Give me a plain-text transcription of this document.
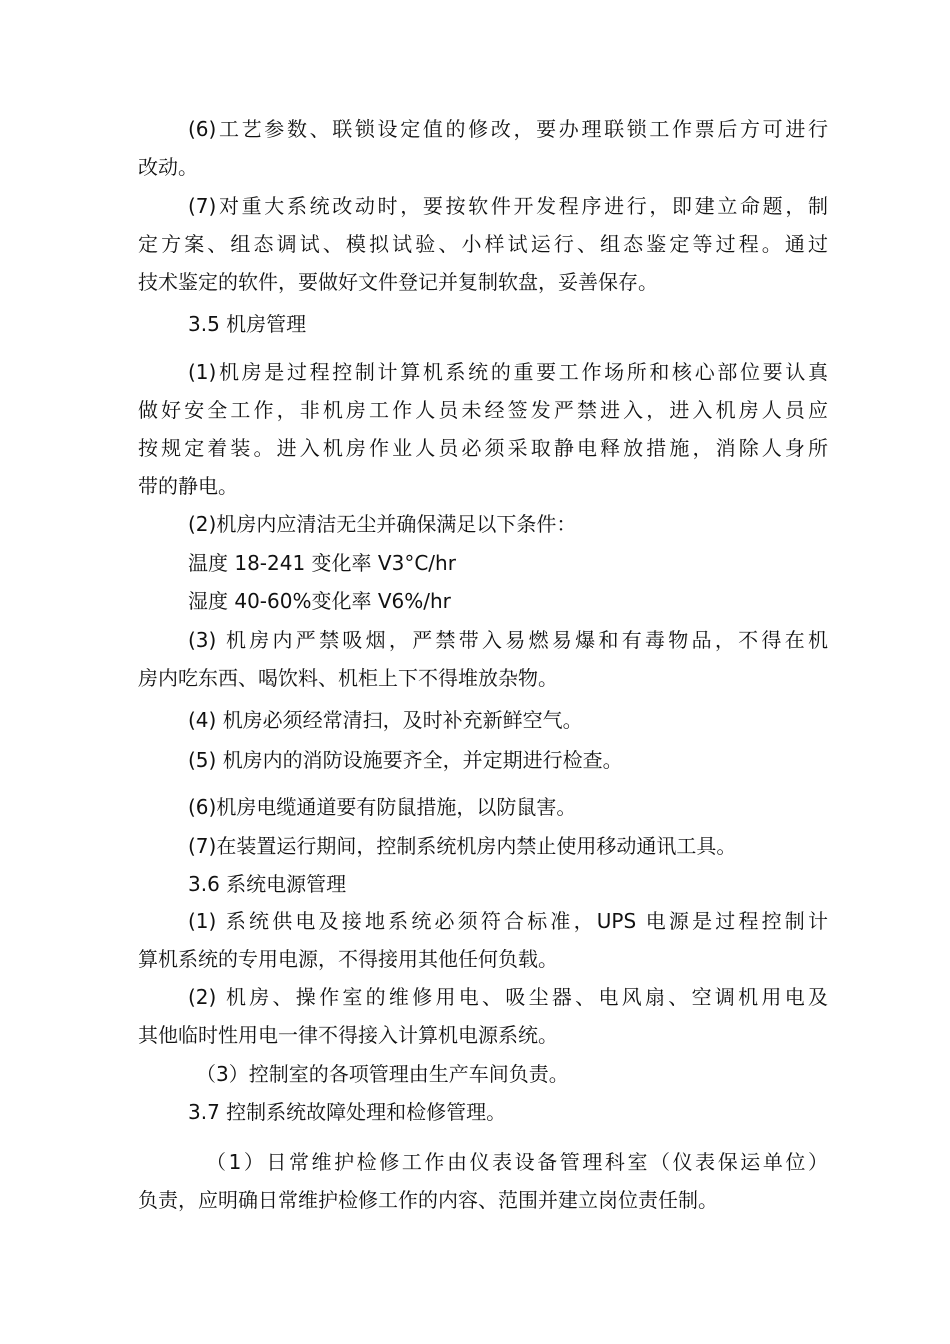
(6)工艺参数、联锁设定值的修改，要办理联锁工作票后方可进行
改动。
(7)对重大系统改动时，要按软件开发程序进行，即建立命题，制
定方案、组态调试、模拟试验、小样试运行、组态鉴定等过程。通过
技术鉴定的软件，要做好文件登记并复制软盘，妥善保存。
3.5 机房管理
(1)机房是过程控制计算机系统的重要工作场所和核心部位要认真
做好安全工作，非机房工作人员未经签发严禁进入，进入机房人员应
按规定着装。进入机房作业人员必须采取静电释放措施，消除人身所
带的静电。
(2)机房内应清洁无尘并确保满足以下条件：
温度 18-241 变化率 V3°C/hr
湿度 40-60%变化率 V6%/hr
(3) 机房内严禁吸烟，严禁带入易燃易爆和有毒物品，不得在机
房内吃东西、喝饮料、机柜上下不得堆放杂物。
(4) 机房必须经常清扫，及时补充新鲜空气。
(5) 机房内的消防设施要齐全，并定期进行检查。
(6)机房电缆通道要有防鼠措施，以防鼠害。
(7)在装置运行期间，控制系统机房内禁止使用移动通讯工具。
3.6 系统电源管理
(1) 系统供电及接地系统必须符合标准，UPS 电源是过程控制计
算机系统的专用电源，不得接用其他任何负载。
(2) 机房、操作室的维修用电、吸尘器、电风扇、空调机用电及
其他临时性用电一律不得接入计算机电源系统。
（3）控制室的各项管理由生产车间负责。
3.7 控制系统故障处理和检修管理。
（1）日常维护检修工作由仪表设备管理科室（仪表保运单位）
负责，应明确日常维护检修工作的内容、范围并建立岗位责任制。
